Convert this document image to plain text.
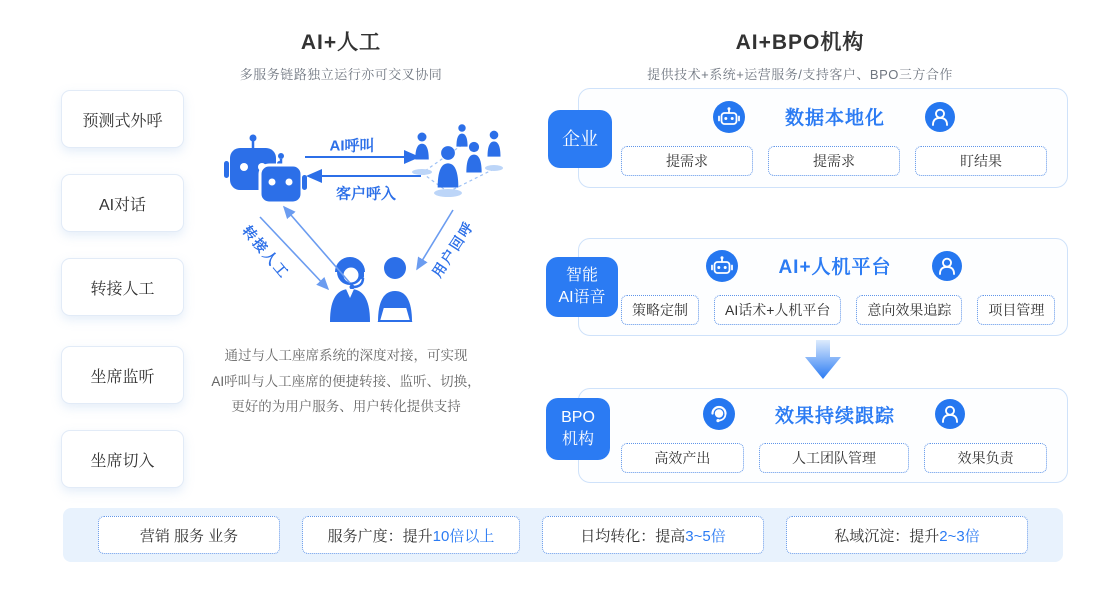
AI+人工
多服务链路独立运行亦可交叉协同
AI+BPO机构
提供技术+系统+运营服务/支持客户、BPO三方合作
预测式外呼
AI对话
转接人工
坐席监听
坐席切入
AI呼叫
客户呼入
转接人工	用户回呼
通过与人工座席系统的深度对接，可实现
AI呼叫与人工座席的便捷转接、监听、切换，
更好的为用户服务、用户转化提供支持
数据本地化
提需求	提需求	盯结果
企业
AI+人机平台
策略定制	AI话术+人机平台	意向效果追踪	项目管理
智能
AI语音
效果持续跟踪
高效产出	人工团队管理	效果负责
BPO
机构
营销 服务 业务	服务广度：提升 10倍以上	日均转化：提高 3~5倍	私域沉淀：提升 2~3倍
